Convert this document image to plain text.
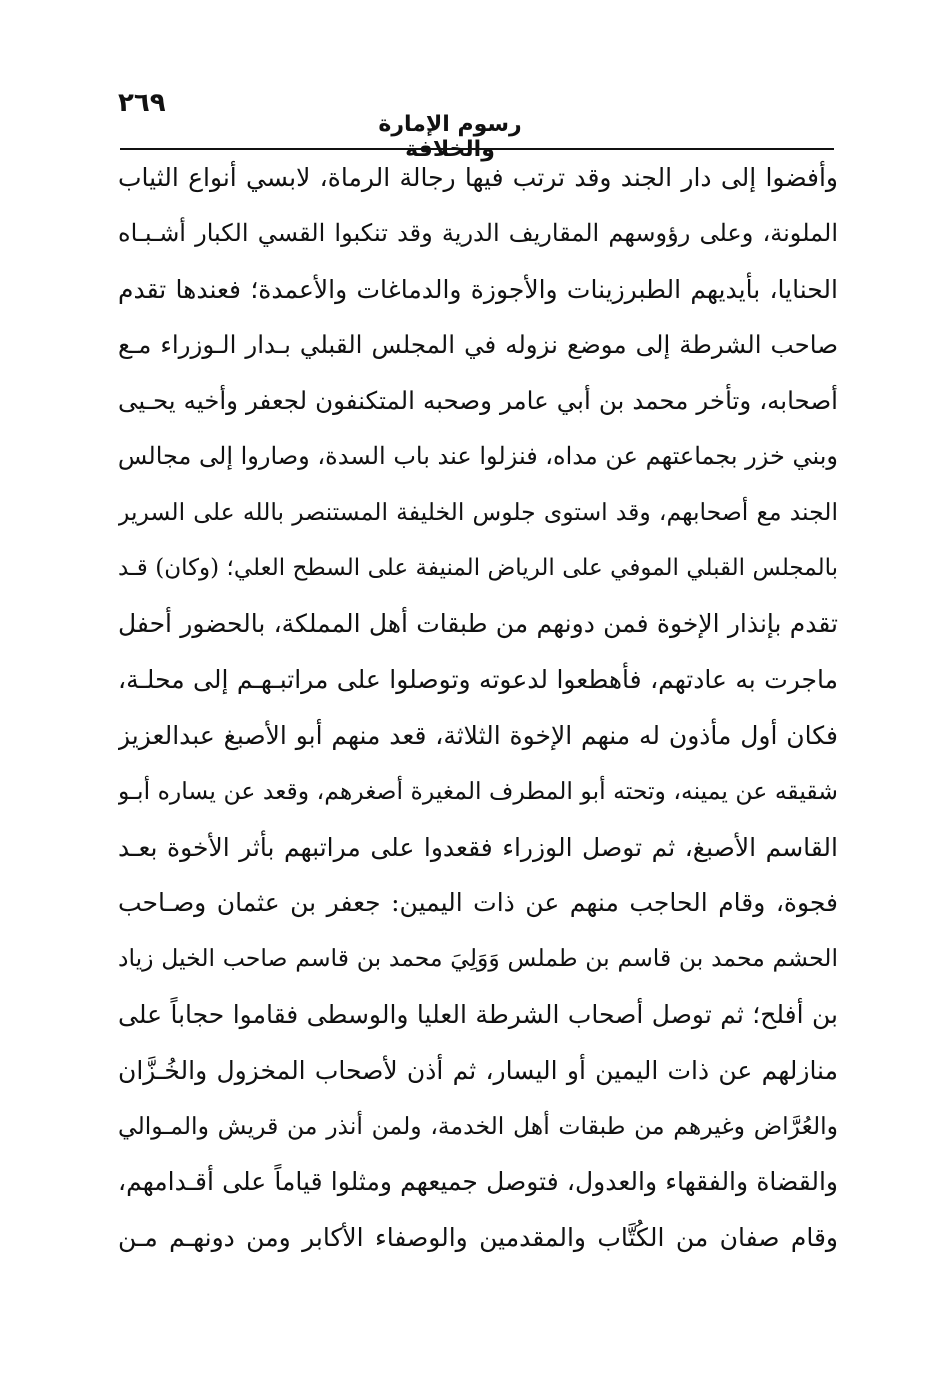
٢٦٩
رسوم الإمارة والخلافة
وأفضوا إلى دار الجند وقد ترتب فيها رجالة الرماة، لابسي أنواع الثياب
الملونة، وعلى رؤوسهم المقاريف الدرية وقد تنكبوا القسي الكبار أشـبـاه
الحنايا، بأيديهم الطبرزينات والأجوزة والدماغات والأعمدة؛ فعندها تقدم
صاحب الشرطة إلى موضع نزوله في المجلس القبلي بـدار الـوزراء مـع
أصحابه، وتأخر محمد بن أبي عامر وصحبه المتكنفون لجعفر وأخيه يحـيى
وبني خزر بجماعتهم عن مداه، فنزلوا عند باب السدة، وصاروا إلى مجالس
الجند مع أصحابهم، وقد استوى جلوس الخليفة المستنصر بالله على السرير
بالمجلس القبلي الموفي على الرياض المنيفة على السطح العلي؛ (وكان) قـد
تقدم بإنذار الإخوة فمن دونهم من طبقات أهل المملكة، بالحضور أحفل
ماجرت به عادتهم، فأهطعوا لدعوته وتوصلوا على مراتبـهـم إلى محلـة،
فكان أول مأذون له منهم الإخوة الثلاثة، قعد منهم أبو الأصبغ عبدالعزيز
شقيقه عن يمينه، وتحته أبو المطرف المغيرة أصغرهم، وقعد عن يساره أبـو
القاسم الأصبغ، ثم توصل الوزراء فقعدوا على مراتبهم بأثر الأخوة بعـد
فجوة، وقام الحاجب منهم عن ذات اليمين: جعفر بن عثمان وصـاحب
الحشم محمد بن قاسم بن طملس وَوَلِيَ محمد بن قاسم صاحب الخيل زياد
بن أفلح؛ ثم توصل أصحاب الشرطة العليا والوسطى فقاموا حجاباً على
منازلهم عن ذات اليمين أو اليسار، ثم أذن لأصحاب المخزول والخُـزَّان
والعُرَّاض وغيرهم من طبقات أهل الخدمة، ولمن أنذر من قريش والمـوالي
والقضاة والفقهاء والعدول، فتوصل جميعهم ومثلوا قياماً على أقـدامهم،
وقام صفان من الكُتَّاب والمقدمين والوصفاء الأكابر ومن دونهـم مـن
